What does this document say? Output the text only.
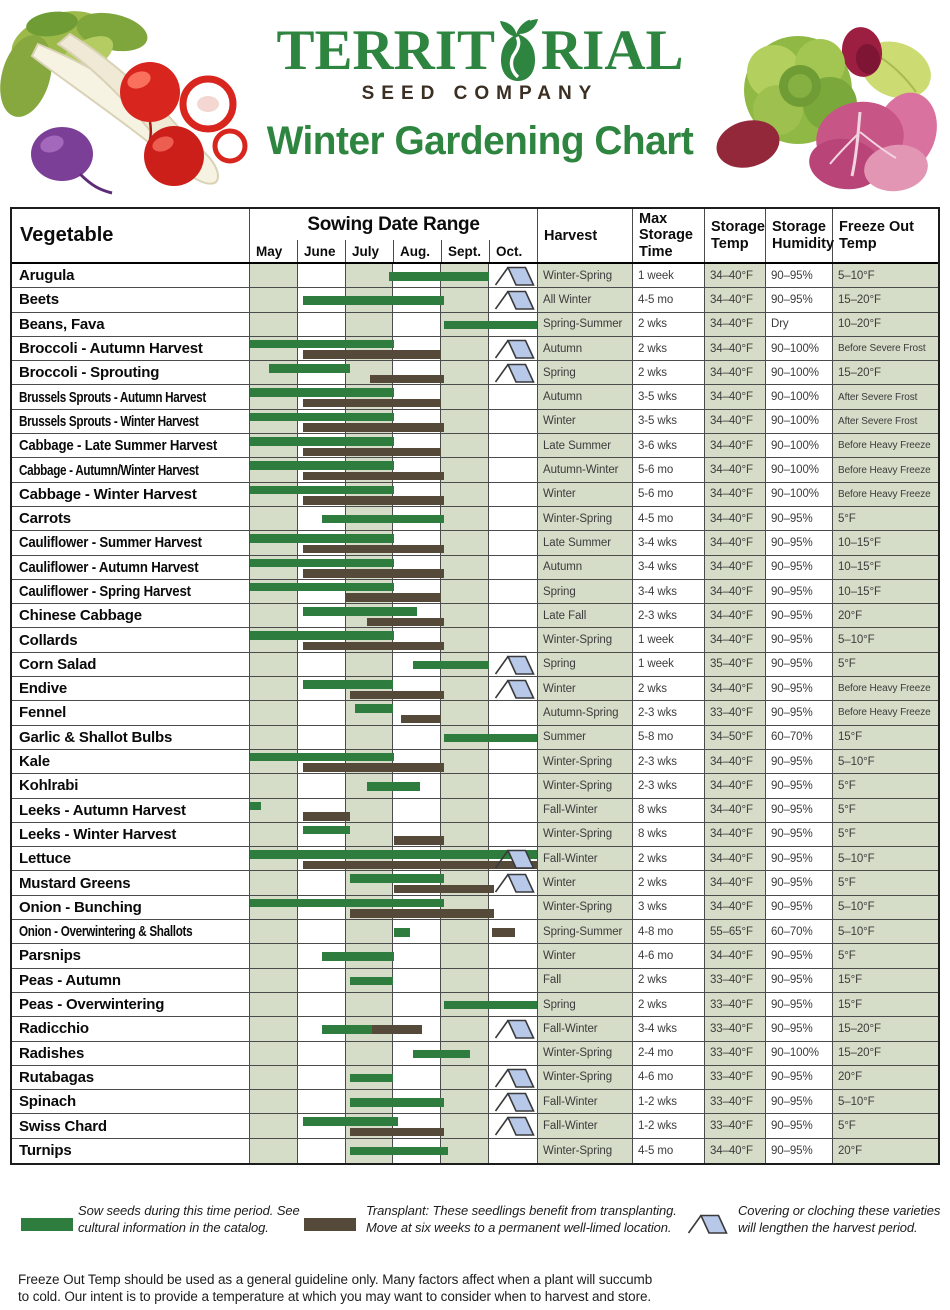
TERRIT RIAL
SEED COMPANY
Winter Gardening Chart
Vegetable	Sowing Date Range
May	June	July	Aug.	Sept.	Oct.
Harvest
Max Storage Time
Storage Temp
Storage Humidity
Freeze Out Temp
Arugula	Winter-Spring	1 week	34–40°F	90–95%	5–10°F
Beets	All Winter	4-5 mo	34–40°F	90–95%	15–20°F
Beans, Fava	Spring-Summer	2 wks	34–40°F	Dry	10–20°F
Broccoli - Autumn Harvest	Autumn	2 wks	34–40°F	90–100%	Before Severe Frost
Broccoli - Sprouting	Spring	2 wks	34–40°F	90–100%	15–20°F
Brussels Sprouts - Autumn Harvest	Autumn	3-5 wks	34–40°F	90–100%	After Severe Frost
Brussels Sprouts - Winter Harvest	Winter	3-5 wks	34–40°F	90–100%	After Severe Frost
Cabbage - Late Summer Harvest	Late Summer	3-6 wks	34–40°F	90–100%	Before Heavy Freeze
Cabbage - Autumn/Winter Harvest	Autumn-Winter	5-6 mo	34–40°F	90–100%	Before Heavy Freeze
Cabbage - Winter Harvest	Winter	5-6 mo	34–40°F	90–100%	Before Heavy Freeze
Carrots	Winter-Spring	4-5 mo	34–40°F	90–95%	5°F
Cauliflower - Summer Harvest	Late Summer	3-4 wks	34–40°F	90–95%	10–15°F
Cauliflower - Autumn Harvest	Autumn	3-4 wks	34–40°F	90–95%	10–15°F
Cauliflower - Spring Harvest	Spring	3-4 wks	34–40°F	90–95%	10–15°F
Chinese Cabbage	Late Fall	2-3 wks	34–40°F	90–95%	20°F
Collards	Winter-Spring	1 week	34–40°F	90–95%	5–10°F
Corn Salad	Spring	1 week	35–40°F	90–95%	5°F
Endive	Winter	2 wks	34–40°F	90–95%	Before Heavy Freeze
Fennel	Autumn-Spring	2-3 wks	33–40°F	90–95%	Before Heavy Freeze
Garlic & Shallot Bulbs	Summer	5-8 mo	34–50°F	60–70%	15°F
Kale	Winter-Spring	2-3 wks	34–40°F	90–95%	5–10°F
Kohlrabi	Winter-Spring	2-3 wks	34–40°F	90–95%	5°F
Leeks - Autumn Harvest	Fall-Winter	8 wks	34–40°F	90–95%	5°F
Leeks - Winter Harvest	Winter-Spring	8 wks	34–40°F	90–95%	5°F
Lettuce	Fall-Winter	2 wks	34–40°F	90–95%	5–10°F
Mustard Greens	Winter	2 wks	34–40°F	90–95%	5°F
Onion - Bunching	Winter-Spring	3 wks	34–40°F	90–95%	5–10°F
Onion - Overwintering & Shallots	Spring-Summer	4-8 mo	55–65°F	60–70%	5–10°F
Parsnips	Winter	4-6 mo	34–40°F	90–95%	5°F
Peas - Autumn	Fall	2 wks	33–40°F	90–95%	15°F
Peas - Overwintering	Spring	2 wks	33–40°F	90–95%	15°F
Radicchio	Fall-Winter	3-4 wks	33–40°F	90–95%	15–20°F
Radishes	Winter-Spring	2-4 mo	33–40°F	90–100%	15–20°F
Rutabagas	Winter-Spring	4-6 mo	33–40°F	90–95%	20°F
Spinach	Fall-Winter	1-2 wks	33–40°F	90–95%	5–10°F
Swiss Chard	Fall-Winter	1-2 wks	33–40°F	90–95%	5°F
Turnips	Winter-Spring	4-5 mo	34–40°F	90–95%	20°F
Sow seeds during this time period. See
cultural information in the catalog.
Transplant: These seedlings benefit from transplanting.
Move at six weeks to a permanent well-limed location.
Covering or cloching these varieties
will lengthen the harvest period.
Freeze Out Temp should be used as a general guideline only. Many factors affect when a plant will succumb
to cold. Our intent is to provide a temperature at which you may want to consider when to harvest and store.
